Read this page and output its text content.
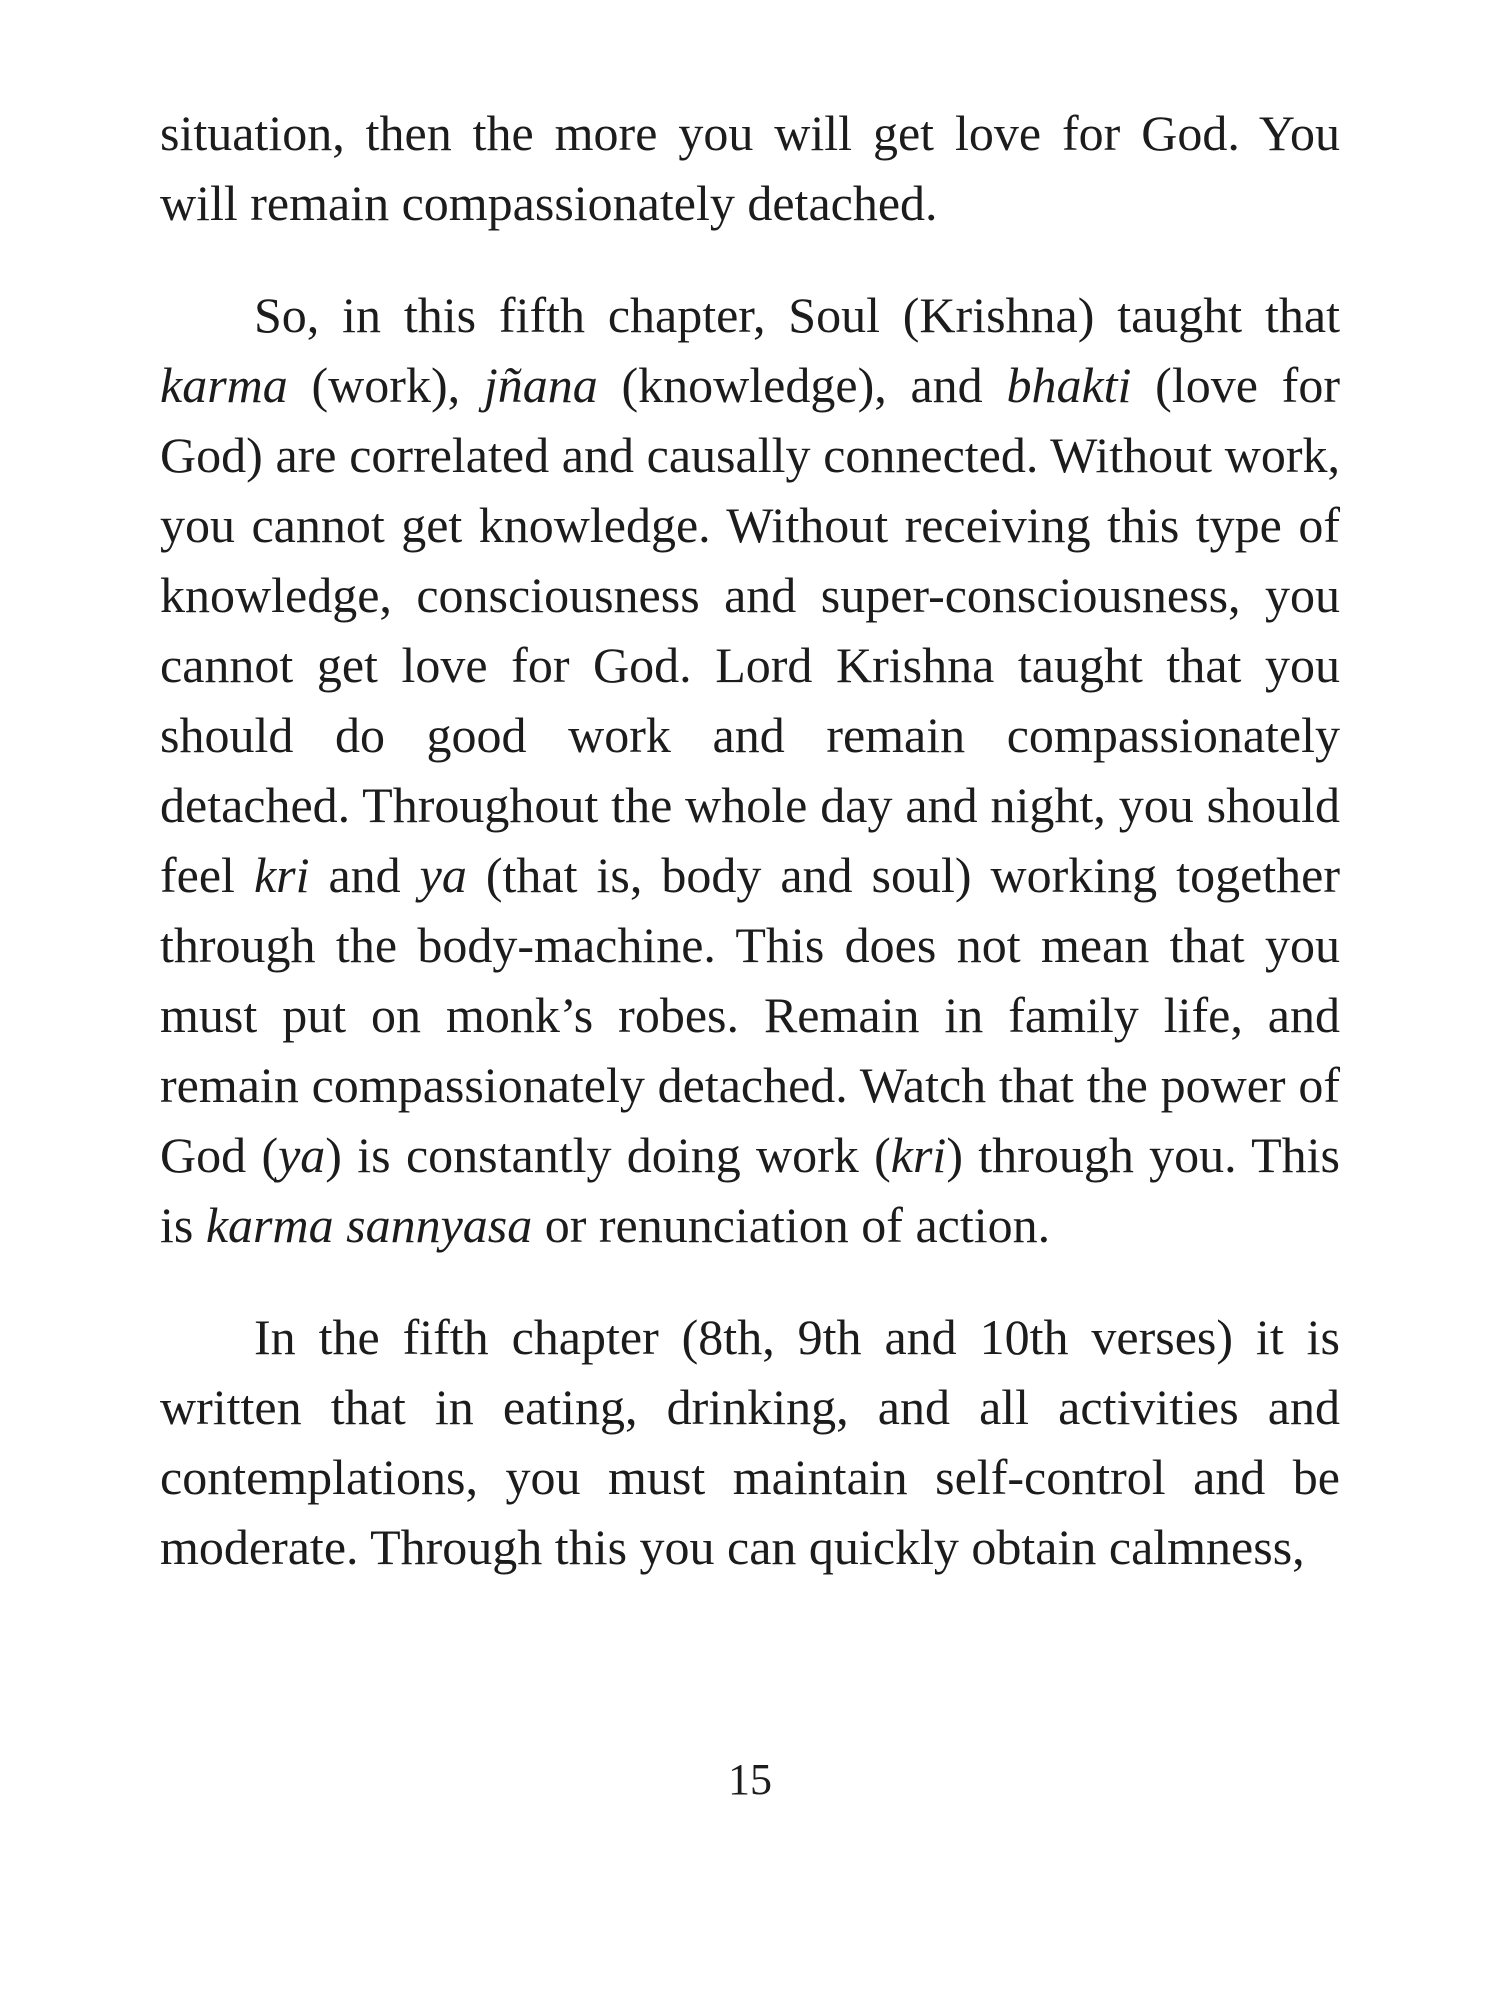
situation, then the more you will get love for God. You will remain compassionately detached.

So, in this fifth chapter, Soul (Krishna) taught that karma (work), jñana (knowledge), and bhakti (love for God) are correlated and causally connected. Without work, you cannot get knowledge. Without receiving this type of knowledge, consciousness and super-consciousness, you cannot get love for God. Lord Krishna taught that you should do good work and remain compassionately detached. Throughout the whole day and night, you should feel kri and ya (that is, body and soul) working together through the body-machine. This does not mean that you must put on monk’s robes. Remain in family life, and remain compassionately detached. Watch that the power of God (ya) is constantly doing work (kri) through you. This is karma sannyasa or renunciation of action.

In the fifth chapter (8th, 9th and 10th verses) it is written that in eating, drinking, and all activities and contemplations, you must maintain self-control and be moderate. Through this you can quickly obtain calmness,

15
